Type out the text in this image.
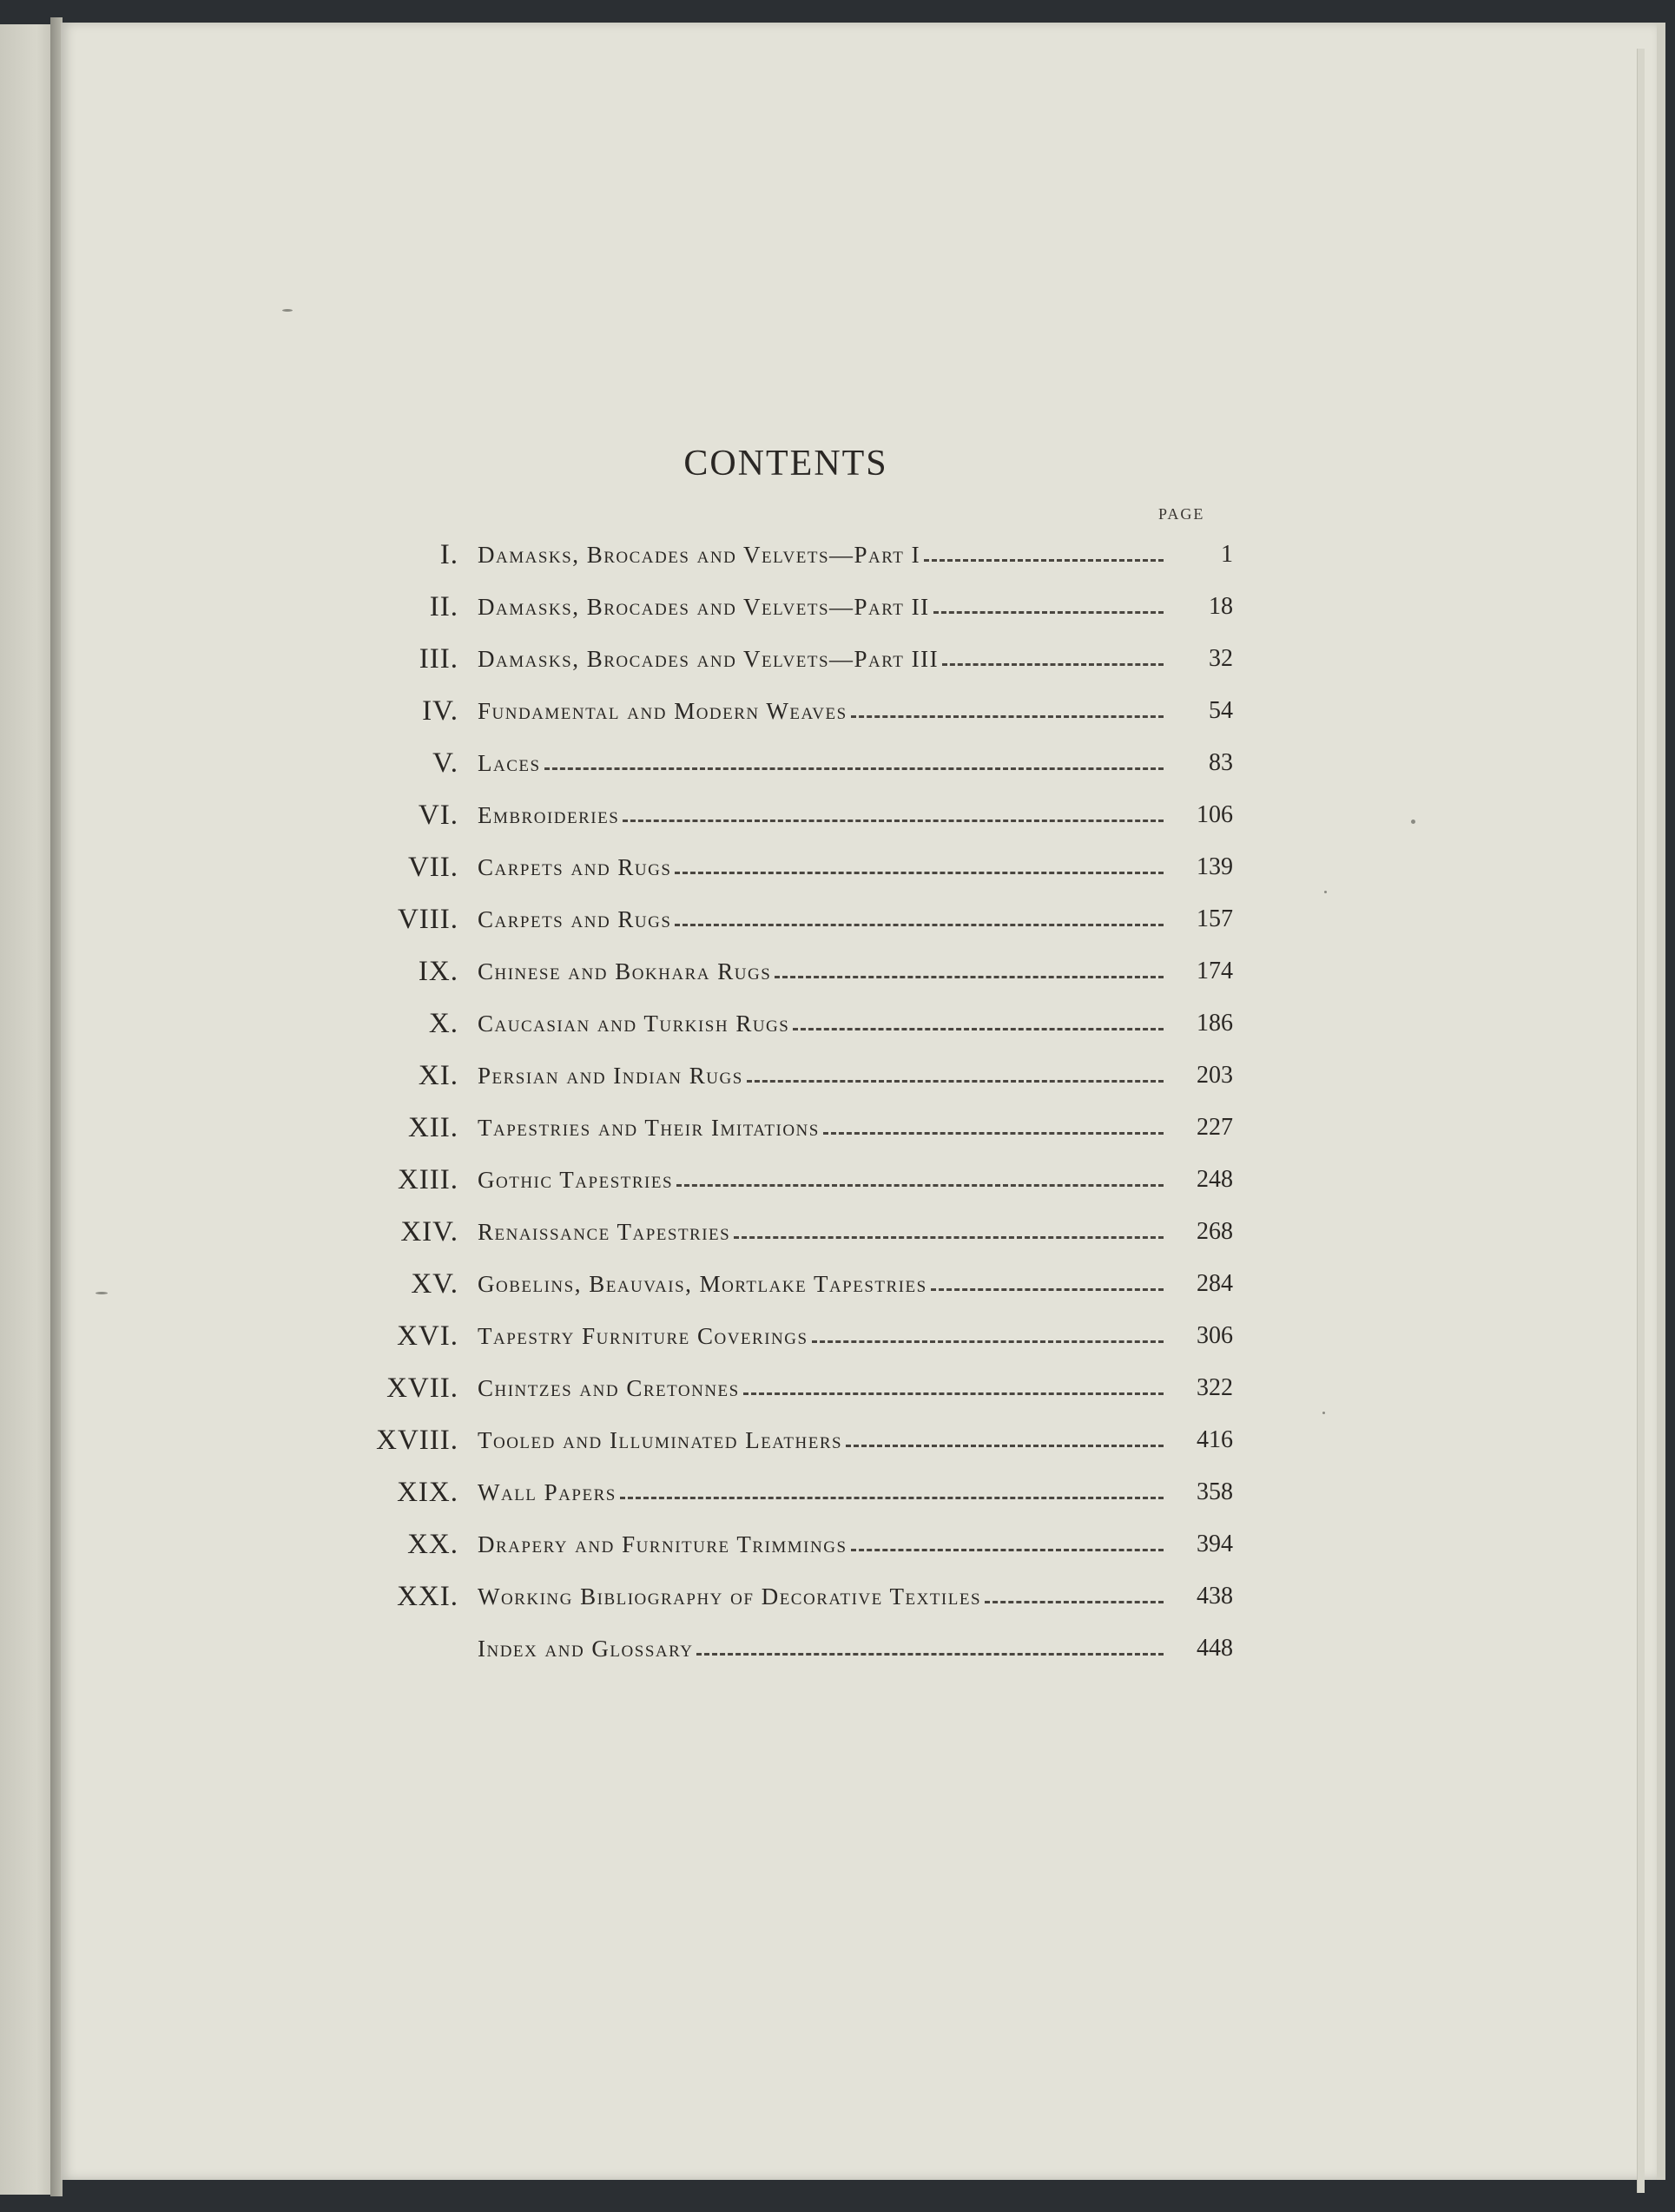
CONTENTS
PAGE
I. Damasks, Brocades and Velvets—Part I	1
II. Damasks, Brocades and Velvets—Part II	18
III. Damasks, Brocades and Velvets—Part III	32
IV. Fundamental and Modern Weaves	54
V. Laces	83
VI. Embroideries	106
VII. Carpets and Rugs	139
VIII. Carpets and Rugs	157
IX. Chinese and Bokhara Rugs	174
X. Caucasian and Turkish Rugs	186
XI. Persian and Indian Rugs	203
XII. Tapestries and Their Imitations	227
XIII. Gothic Tapestries	248
XIV. Renaissance Tapestries	268
XV. Gobelins, Beauvais, Mortlake Tapestries	284
XVI. Tapestry Furniture Coverings	306
XVII. Chintzes and Cretonnes	322
XVIII. Tooled and Illuminated Leathers	416
XIX. Wall Papers	358
XX. Drapery and Furniture Trimmings	394
XXI. Working Bibliography of Decorative Textiles	438
Index and Glossary	448
